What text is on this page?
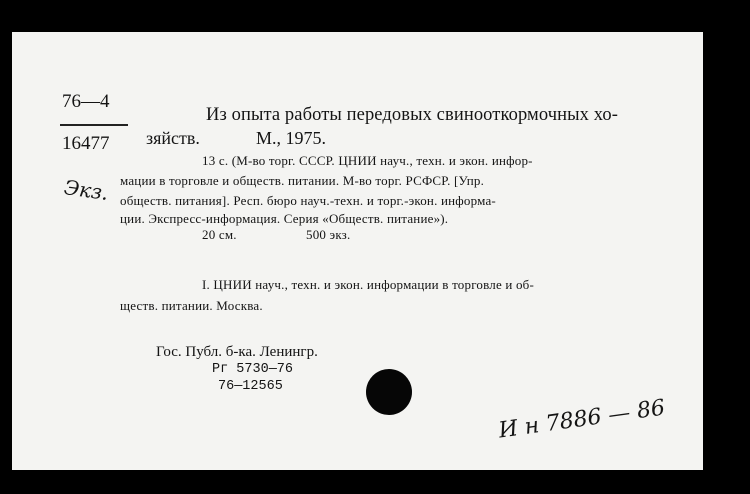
76—4
16477
Экз.
Из опыта работы передовых свинооткормочных хо-
зяйств.	М., 1975.
13 с. (М-во торг. СССР. ЦНИИ науч., техн. и экон. инфор-
мации в торговле и обществ. питании. М-во торг. РСФСР. [Упр.
обществ. питания]. Респ. бюро науч.-техн. и торг.-экон. информа-
ции. Экспресс-информация. Серия «Обществ. питание»).
20 см.	500 экз.
I. ЦНИИ науч., техн. и экон. информации в торговле и об-
ществ. питании. Москва.
Гос. Публ. б-ка. Ленингр.
Рг 5730—76
76—12565
И н 7886 — 86
